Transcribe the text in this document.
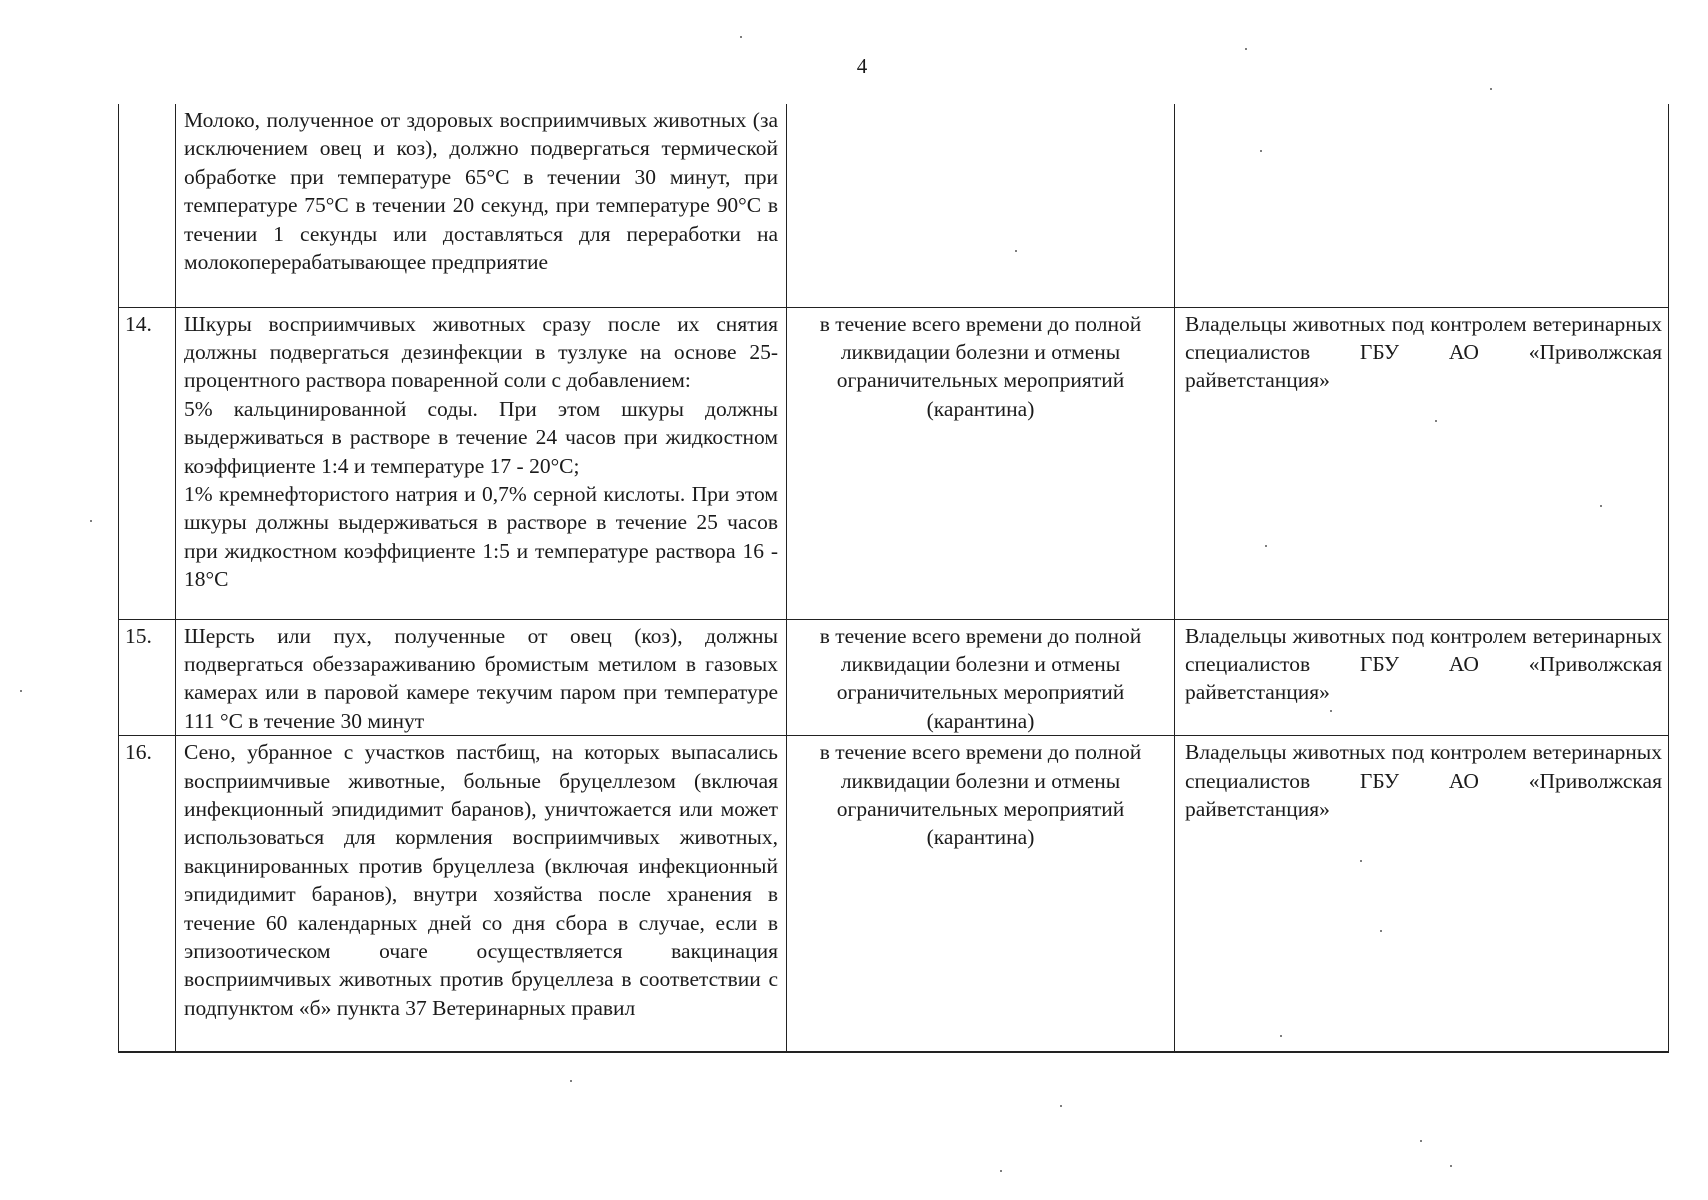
4

	Молоко, полученное от здоровых восприимчивых животных (за исключением овец и коз), должно подвергаться термической обработке при температуре 65°C в течении 30 минут, при температуре 75°C в течении 20 секунд, при температуре 90°C в течении 1 секунды или доставляться для переработки на молокоперерабатывающее предприятие		

14.	Шкуры восприимчивых животных сразу после их снятия должны подвергаться дезинфекции в тузлуке на основе 25-процентного раствора поваренной соли с добавлением:
5% кальцинированной соды. При этом шкуры должны выдерживаться в растворе в течение 24 часов при жидкостном коэффициенте 1:4 и температуре 17 - 20°C;
1% кремнефтористого натрия и 0,7% серной кислоты. При этом шкуры должны выдерживаться в растворе в течение 25 часов при жидкостном коэффициенте 1:5 и температуре раствора 16 - 18°C	в течение всего времени до полной ликвидации болезни и отмены ограничительных мероприятий (карантина)	Владельцы животных под контролем ветеринарных специалистов ГБУ АО «Приволжская райветстанция»
15.	Шерсть или пух, полученные от овец (коз), должны подвергаться обеззараживанию бромистым метилом в газовых камерах или в паровой камере текучим паром при температуре 111 °C в течение 30 минут	в течение всего времени до полной ликвидации болезни и отмены ограничительных мероприятий (карантина)	Владельцы животных под контролем ветеринарных специалистов ГБУ АО «Приволжская райветстанция»
16.	Сено, убранное с участков пастбищ, на которых выпасались восприимчивые животные, больные бруцеллезом (включая инфекционный эпидидимит баранов), уничтожается или может использоваться для кормления восприимчивых животных, вакцинированных против бруцеллеза (включая инфекционный эпидидимит баранов), внутри хозяйства после хранения в течение 60 календарных дней со дня сбора в случае, если в эпизоотическом очаге осуществляется вакцинация восприимчивых животных против бруцеллеза в соответствии с подпунктом «б» пункта 37 Ветеринарных правил	в течение всего времени до полной ликвидации болезни и отмены ограничительных мероприятий (карантина)	Владельцы животных под контролем ветеринарных специалистов ГБУ АО «Приволжская райветстанция»
